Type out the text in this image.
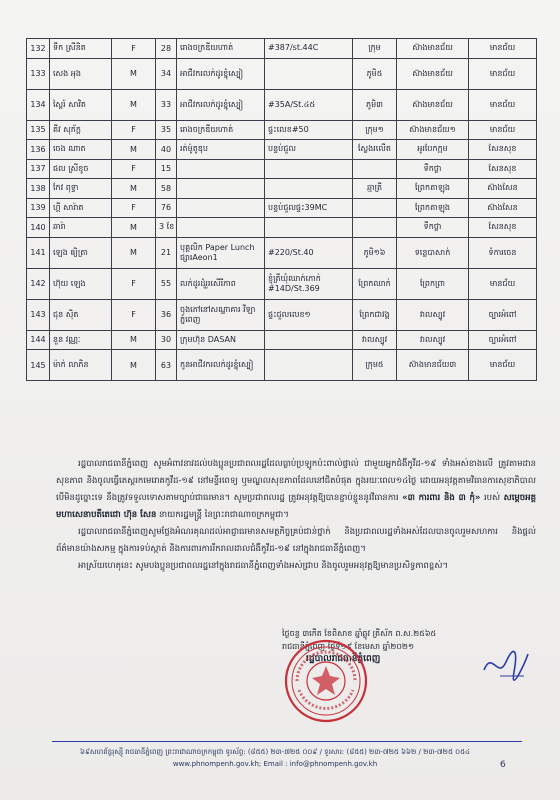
132	ទឹក ស្រីនិត	F	28	រោងចក្រឌីយហាត់	#387/st.44C	ក្រុម	ស៊ាងមានជ័យ	មានជ័យ
133	សេង អុង	M	34	អាជីវករលក់ដូរខ្នុំស្បៀ		ភូមិ៥	ស៊ាងមានជ័យ	មានជ័យ
134	ស្ដៃរ៍ សាវិត	M	33	អាជីវករលក់ដូរខ្នុំស្បៀ	#35A/St.៤៥	ភូមិ៣	ស៊ាងមានជ័យ	មានជ័យ
135	គីវ សុភ័ក្ត	F	35	រោងចក្រឌីយហាត់	ផ្ទះលេខ#50	ក្រុម១	ស៊ាងមានជ័យ១	មានជ័យ
136	ចេង ណាត	M	40	រត់ម៉ូតូឌុប	បន្ទប់ជួល	ស្លែងរលើត	អូរបែកក្អម	សែនសុខ
137	ផល ស្រីខូច	F	15				ទឹកថ្លា	សែនសុខ
138	កែវ ពុទ្ធា	M	58			ឆ្មាត្រី	ព្រែកតាឡុង	ស៊ាងសែន
139	ហ្គី សារ៉ាត	F	76		បន្ទប់ជួលផ្ទះ39MC		ព្រែកតាឡុង	ស៊ាងសែន
140	ឆារ៉ា	M	3 ខែ				ទឹកថ្លា	សែនសុខ
141	ឡេង ឲ្យិត្រា	M	21	បុគ្គលិក Paper Lunch ផ្សារAeon1	#220/St.40	ភូមិ១៦	ទន្លេបាសាក់	ទំការចេន
142	ហ៊ុយ ឡេង	F	55	លក់ដូរដុំរួរសើរីភាព	ខ្ញុំត្រីឃុំឈាក់ភោក់ #14D/St.369	ព្រែកឈាក់	ព្រែកព្រា	មានជ័យ
143	ជុន ស៊ិត	F	36	ចុងភៅនៅសណ្ឋាគារ វីឡាភ្នំពេញ	ផ្ទះជួលលេខ១	ព្រែកជាវង្គ	វាលស្បូវ	ច្បារអំពៅ
144	នួន វណ្ណៈ	M	30	ក្រុមហ៊ុន DASAN		វាលស្បូវ	វាលស្បូវ	ច្បារអំពៅ
145	ម៉ាក់ លាភិន	M	63	កូនអាជីវករលក់ដូរខ្នុំស្បៀ		ក្រុម៥	ស៊ាងមានជ័យ៣	មានជ័យ

រដ្ឋបាលរាជធានីភ្នំពេញ សូមអំពាវនាវដល់បងប្អូនប្រជាពលរដ្ឋដែលធ្លាប់ប្រឡូកប៉ះពាល់ផ្ទាល់ ជាមួយអ្នកជំងឺកូវីដ-១៩ ទាំងអស់ខាងលើ ត្រូវតាមដានសុខភាព និងចូលធ្វើតេស្ដរកមេរោគកូវីដ-១៩ នៅមន្ទីរពេទ្យ ឬមណ្ឌលសុខភាពដែលនៅជិតបំផុត ក្នុងរយៈពេល១៤ថ្ងៃ ដោយអនុវត្តតាមវិធានការសុខាភិបាល បើមិនដូច្នោះទេ នឹងត្រូវទទួលទោសតាមច្បាប់ជាធរមាន។ សូមប្រជាពលរដ្ឋ ត្រូវអនុវត្តឱ្យបានខ្ជាប់ខ្ជួននូវវិធានការ «៣ ការពារ និង ៣ កុំ» របស់ សម្ដេចអគ្គមហាសេនាបតីតេជោ ហ៊ុន សែន នាយករដ្ឋមន្ត្រី នៃព្រះរាជាណាចក្រកម្ពុជា។

រដ្ឋបាលរាជធានីភ្នំពេញសូមថ្លែងអំណរគុណដល់អាជ្ញាធរមានសមត្ថកិច្ចគ្រប់ជាន់ថ្នាក់ និងប្រជាពលរដ្ឋទាំងអស់ដែលបានចូលរួមសហការ និងផ្ដល់ព័ត៌មានយ៉ាងសកម្ម ក្នុងការទប់ស្កាត់ និងការពារការរីករាលដាលជំងឺកូវីដ-១៩ នៅក្នុងរាជធានីភ្នំពេញ។

អាស្រ័យហេតុនេះ សូមបងប្អូនប្រជាពលរដ្ឋនៅក្នុងរាជធានីភ្នំពេញទាំងអស់ជ្រាប និងចូលរួមអនុវត្តឱ្យមានប្រសិទ្ធភាពខ្ពស់។

ថ្ងៃចន្ទ ៣កើត ខែពិសាខ ឆ្នាំឆ្លូវ ត្រីស័ក ព.ស.២៥៦៥
រាជធានីភ្នំពេញ ថ្ងៃទី១៩ ខែមេសា ឆ្នាំ២០២១
រដ្ឋបាលរាជធានីភ្នំពេញ
៦៩សហព័ន្ធរុស្ស៊ី រាជធានីភ្នំពេញ ព្រះរាជាណាចក្រកម្ពុជា ទូរស័ព្ទ: (៨៥៥) ២៣-៧២៥ ០០៩ / ទូរសារ: (៨៥៥) ២៣-៧២៥ ៦៦២ / ២៣-៧២៥ ០៥៤
www.phnompenh.gov.kh; Email : info@phnompenh.gov.kh	6
